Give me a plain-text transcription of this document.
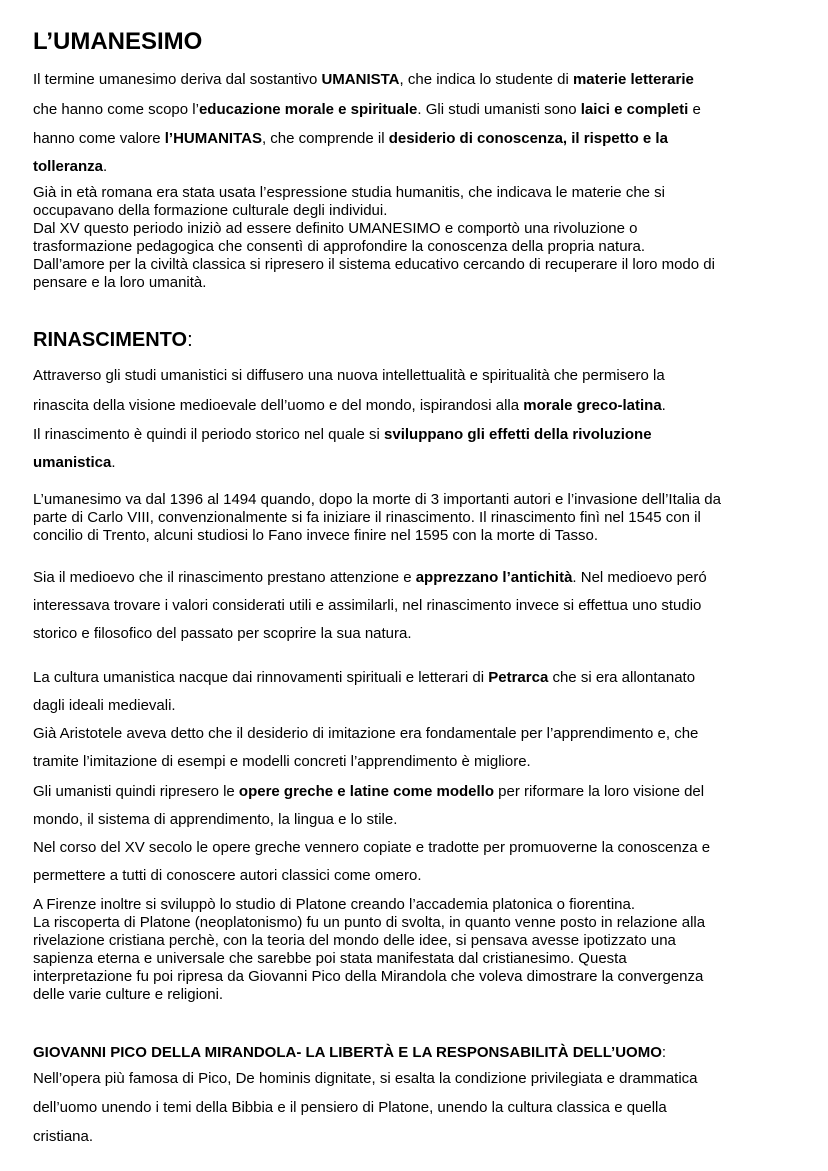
L’UMANESIMO
RINASCIMENTO:
GIOVANNI PICO DELLA MIRANDOLA- LA LIBERTÀ E LA RESPONSABILITÀ DELL’UOMO:
Il termine umanesimo deriva dal sostantivo UMANISTA, che indica lo studente di materie letterarie
che hanno come scopo l’educazione morale e spirituale. Gli studi umanisti sono laici e completi e
hanno come valore l’HUMANITAS, che comprende il desiderio di conoscenza, il rispetto e la
tolleranza.
Già in età romana era stata usata l’espressione studia humanitis, che indicava le materie che si
occupavano della formazione culturale degli individui.
Dal XV questo periodo iniziò ad essere definito UMANESIMO e comportò una rivoluzione o
trasformazione pedagogica che consentì di approfondire la conoscenza della propria natura.
Dall’amore per la civiltà classica si ripresero il sistema educativo cercando di recuperare il loro modo di
pensare e la loro umanità.
Attraverso gli studi umanistici si diffusero una nuova intellettualità e spiritualità che permisero la
rinascita della visione medioevale dell’uomo e del mondo, ispirandosi alla morale greco-latina.
Il rinascimento è quindi il periodo storico nel quale si sviluppano gli effetti della rivoluzione
umanistica.
L’umanesimo va dal 1396 al 1494 quando, dopo la morte di 3 importanti autori e l’invasione dell’Italia da
parte di Carlo VIII, convenzionalmente si fa iniziare il rinascimento. Il rinascimento finì nel 1545 con il
concilio di Trento, alcuni studiosi lo Fano invece finire nel 1595 con la morte di Tasso.
Sia il medioevo che il rinascimento prestano attenzione e apprezzano l’antichità. Nel medioevo peró
interessava trovare i valori considerati utili e assimilarli, nel rinascimento invece si effettua uno studio
storico e filosofico del passato per scoprire la sua natura.
La cultura umanistica nacque dai rinnovamenti spirituali e letterari di Petrarca che si era allontanato
dagli ideali medievali.
Già Aristotele aveva detto che il desiderio di imitazione era fondamentale per l’apprendimento e, che
tramite l’imitazione di esempi e modelli concreti l’apprendimento è migliore.
Gli umanisti quindi ripresero le opere greche e latine come modello per riformare la loro visione del
mondo, il sistema di apprendimento, la lingua e lo stile.
Nel corso del XV secolo le opere greche vennero copiate e tradotte per promuoverne la conoscenza e
permettere a tutti di conoscere autori classici come omero.
A Firenze inoltre si sviluppò lo studio di Platone creando l’accademia platonica o fiorentina.
La riscoperta di Platone (neoplatonismo) fu un punto di svolta, in quanto venne posto in relazione alla
rivelazione cristiana perchè, con la teoria del mondo delle idee, si pensava avesse ipotizzato una
sapienza eterna e universale che sarebbe poi stata manifestata dal cristianesimo. Questa
interpretazione fu poi ripresa da Giovanni Pico della Mirandola che voleva dimostrare la convergenza
delle varie culture e religioni.
Nell’opera più famosa di Pico, De hominis dignitate, si esalta la condizione privilegiata e drammatica
dell’uomo unendo i temi della Bibbia e il pensiero di Platone, unendo la cultura classica e quella
cristiana.
